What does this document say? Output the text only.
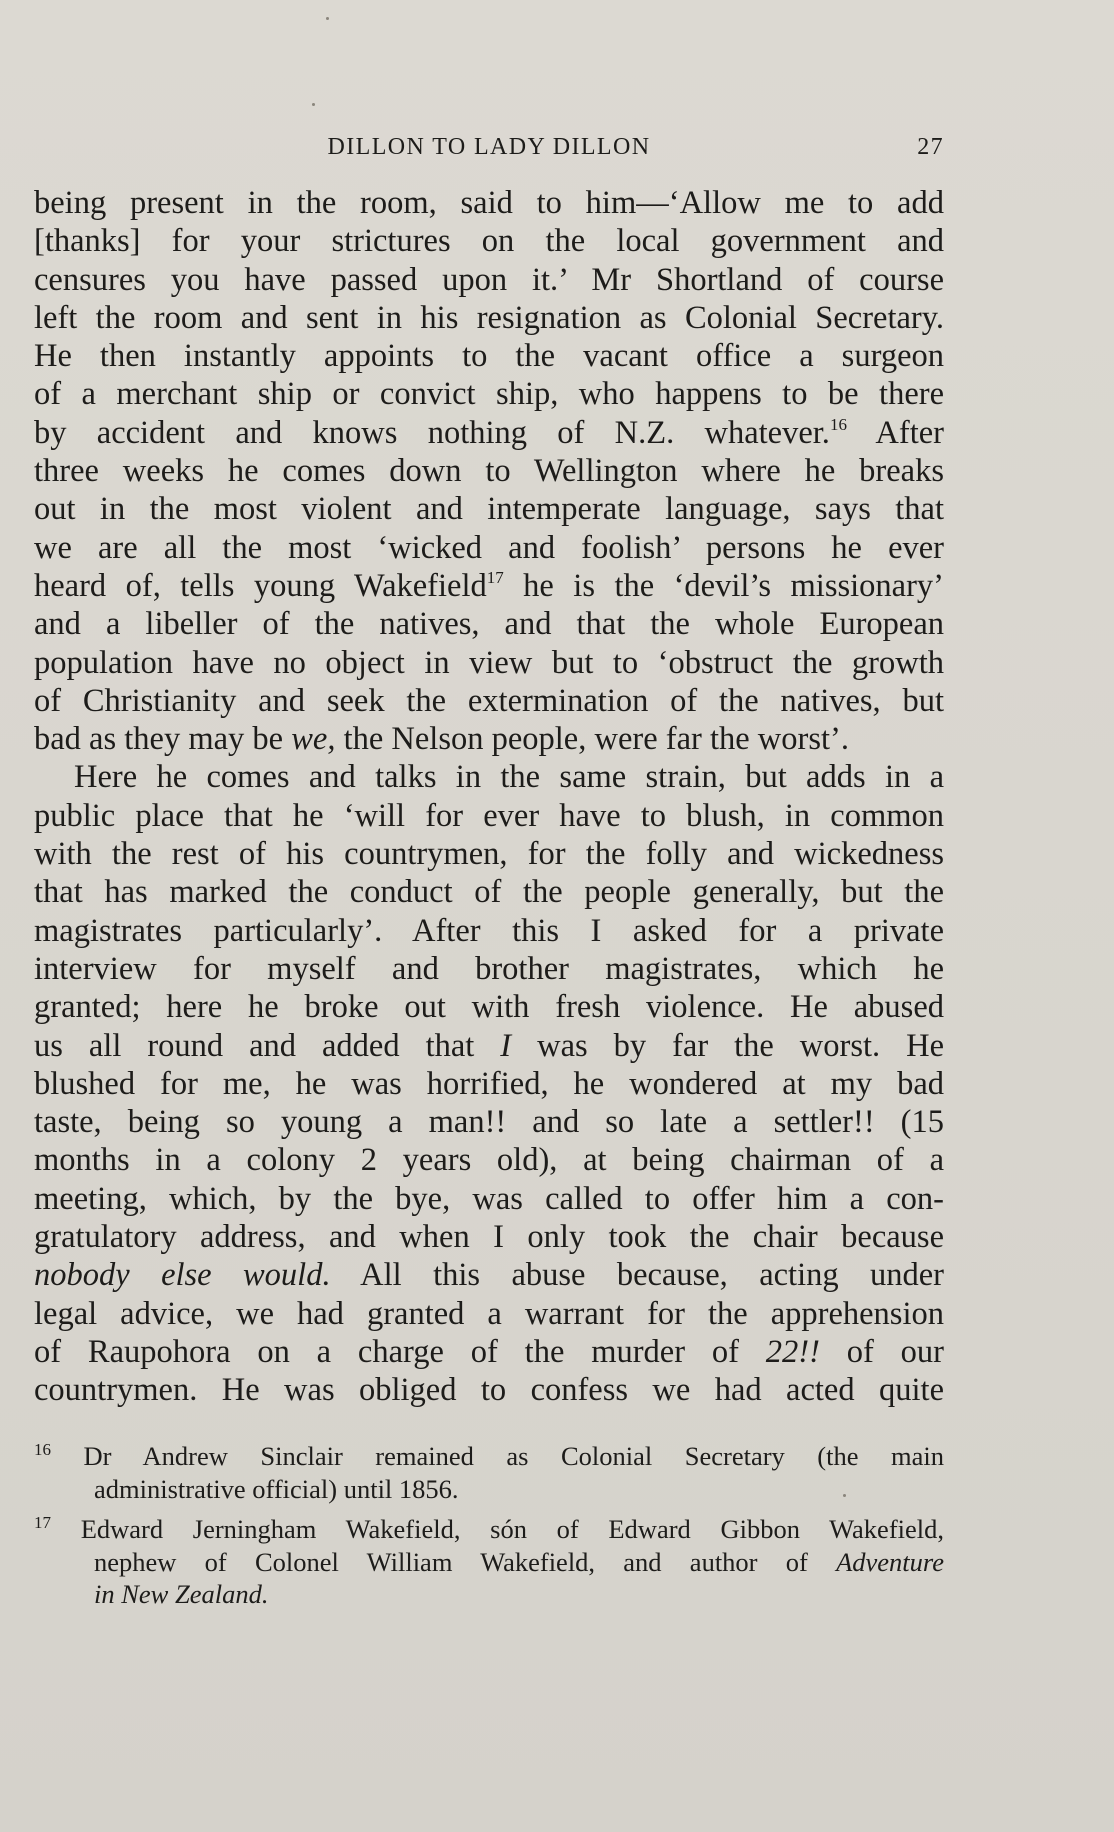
DILLON TO LADY DILLON	27
being present in the room, said to him—‘Allow me to add
[thanks] for your strictures on the local government and
censures you have passed upon it.’ Mr Shortland of course
left the room and sent in his resignation as Colonial Secretary.
He then instantly appoints to the vacant office a surgeon
of a merchant ship or convict ship, who happens to be there
by accident and knows nothing of N.Z. whatever.$^{16}$ After
three weeks he comes down to Wellington where he breaks
out in the most violent and intemperate language, says that
we are all the most ‘wicked and foolish’ persons he ever
heard of, tells young Wakefield$^{17}$ he is the ‘devil’s missionary’
and a libeller of the natives, and that the whole European
population have no object in view but to ‘obstruct the growth
of Christianity and seek the extermination of the natives, but
bad as they may be we, the Nelson people, were far the worst’.
Here he comes and talks in the same strain, but adds in a
public place that he ‘will for ever have to blush, in common
with the rest of his countrymen, for the folly and wickedness
that has marked the conduct of the people generally, but the
magistrates particularly’. After this I asked for a private
interview for myself and brother magistrates, which he
granted; here he broke out with fresh violence. He abused
us all round and added that I was by far the worst. He
blushed for me, he was horrified, he wondered at my bad
taste, being so young a man!! and so late a settler!! (15
months in a colony 2 years old), at being chairman of a
meeting, which, by the bye, was called to offer him a con-
gratulatory address, and when I only took the chair because
nobody else would. All this abuse because, acting under
legal advice, we had granted a warrant for the apprehension
of Raupohora on a charge of the murder of 22!! of our
countrymen. He was obliged to confess we had acted quite
$^{16}$ Dr Andrew Sinclair remained as Colonial Secretary (the main
administrative official) until 1856.
$^{17}$ Edward Jerningham Wakefield, són of Edward Gibbon Wakefield,
nephew of Colonel William Wakefield, and author of Adventure
in New Zealand.
